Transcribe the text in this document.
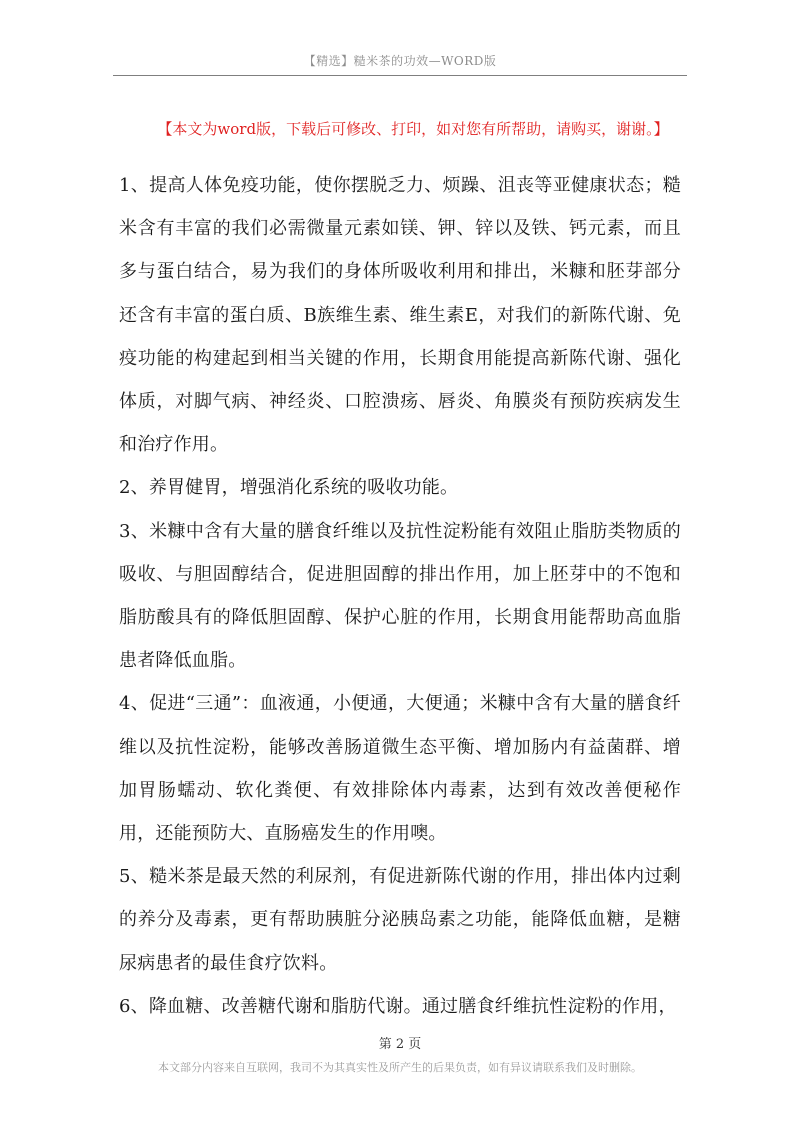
【精选】糙米茶的功效—WORD版
【本文为word版，下载后可修改、打印，如对您有所帮助，请购买，谢谢。】

1、提高人体免疫功能，使你摆脱乏力、烦躁、沮丧等亚健康状态；糙米含有丰富的我们必需微量元素如镁、钾、锌以及铁、钙元素，而且多与蛋白结合，易为我们的身体所吸收利用和排出，米糠和胚芽部分还含有丰富的蛋白质、B族维生素、维生素E，对我们的新陈代谢、免疫功能的构建起到相当关键的作用，长期食用能提高新陈代谢、强化体质，对脚气病、神经炎、口腔溃疡、唇炎、角膜炎有预防疾病发生和治疗作用。

2、养胃健胃，增强消化系统的吸收功能。

3、米糠中含有大量的膳食纤维以及抗性淀粉能有效阻止脂肪类物质的吸收、与胆固醇结合，促进胆固醇的排出作用，加上胚芽中的不饱和脂肪酸具有的降低胆固醇、保护心脏的作用，长期食用能帮助高血脂患者降低血脂。

4、促进“三通”：血液通，小便通，大便通；米糠中含有大量的膳食纤维以及抗性淀粉，能够改善肠道微生态平衡、增加肠内有益菌群、增加胃肠蠕动、软化粪便、有效排除体内毒素，达到有效改善便秘作用，还能预防大、直肠癌发生的作用噢。

5、糙米茶是最天然的利尿剂，有促进新陈代谢的作用，排出体内过剩的养分及毒素，更有帮助胰脏分泌胰岛素之功能，能降低血糖，是糖尿病患者的最佳食疗饮料。

6、降血糖、改善糖代谢和脂肪代谢。通过膳食纤维抗性淀粉的作用，

第 2 页
本文部分内容来自互联网，我司不为其真实性及所产生的后果负责，如有异议请联系我们及时删除。
